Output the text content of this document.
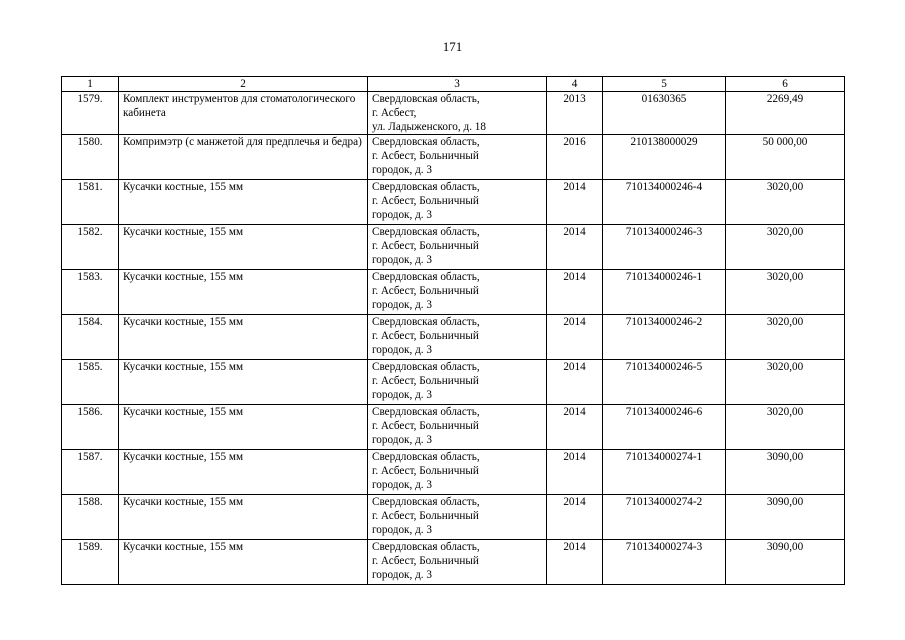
171
1	2	3	4	5	6
1579.	Комплект инструментов для стоматологического кабинета	Свердловская область,
г. Асбест,
ул. Ладыженского, д. 18	2013	01630365	2269,49
1580.	Компримэтр (с манжетой для предплечья и бедра)	Свердловская область,
г. Асбест, Больничный
городок, д. 3	2016	210138000029	50 000,00
1581.	Кусачки костные, 155 мм	Свердловская область,
г. Асбест, Больничный
городок, д. 3	2014	710134000246-4	3020,00
1582.	Кусачки костные, 155 мм	Свердловская область,
г. Асбест, Больничный
городок, д. 3	2014	710134000246-3	3020,00
1583.	Кусачки костные, 155 мм	Свердловская область,
г. Асбест, Больничный
городок, д. 3	2014	710134000246-1	3020,00
1584.	Кусачки костные, 155 мм	Свердловская область,
г. Асбест, Больничный
городок, д. 3	2014	710134000246-2	3020,00
1585.	Кусачки костные, 155 мм	Свердловская область,
г. Асбест, Больничный
городок, д. 3	2014	710134000246-5	3020,00
1586.	Кусачки костные, 155 мм	Свердловская область,
г. Асбест, Больничный
городок, д. 3	2014	710134000246-6	3020,00
1587.	Кусачки костные, 155 мм	Свердловская область,
г. Асбест, Больничный
городок, д. 3	2014	710134000274-1	3090,00
1588.	Кусачки костные, 155 мм	Свердловская область,
г. Асбест, Больничный
городок, д. 3	2014	710134000274-2	3090,00
1589.	Кусачки костные, 155 мм	Свердловская область,
г. Асбест, Больничный
городок, д. 3	2014	710134000274-3	3090,00
